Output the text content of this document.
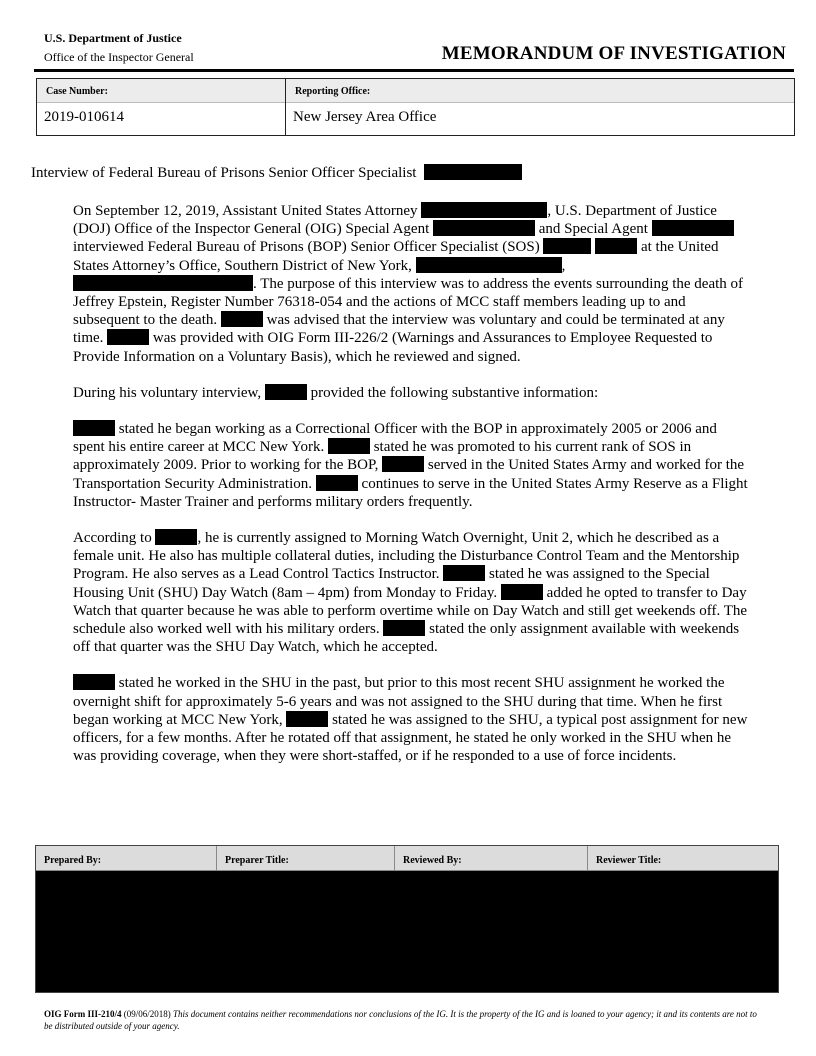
U.S. Department of Justice
Office of the Inspector General	MEMORANDUM OF INVESTIGATION
Case Number:
2019-010614
Reporting Office:
New Jersey Area Office
Interview of Federal Bureau of Prisons Senior Officer Specialist

On September 12, 2019, Assistant United States Attorney	, U.S. Department of Justice (DOJ) Office of the Inspector General (OIG) Special Agent	and Special Agent  interviewed Federal Bureau of Prisons (BOP) Senior Officer Specialist (SOS)	at the United States Attorney’s Office, Southern District of New York,	, . The purpose of this interview was to address the events surrounding the death of Jeffrey Epstein, Register Number 76318-054 and the actions of MCC staff members leading up to and subsequent to the death.	was advised that the interview was voluntary and could be terminated at any time.	was provided with OIG Form III-226/2 (Warnings and Assurances to Employee Requested to Provide Information on a Voluntary Basis), which he reviewed and signed.

During his voluntary interview,	provided the following substantive information:

stated he began working as a Correctional Officer with the BOP in approximately 2005 or 2006 and spent his entire career at MCC New York.	stated he was promoted to his current rank of SOS in approximately 2009. Prior to working for the BOP,	served in the United States Army and worked for the Transportation Security Administration.	continues to serve in the United States Army Reserve as a Flight Instructor- Master Trainer and performs military orders frequently.

According to	, he is currently assigned to Morning Watch Overnight, Unit 2, which he described as a female unit. He also has multiple collateral duties, including the Disturbance Control Team and the Mentorship Program. He also serves as a Lead Control Tactics Instructor.	stated he was assigned to the Special Housing Unit (SHU) Day Watch (8am – 4pm) from Monday to Friday.	added he opted to transfer to Day Watch that quarter because he was able to perform overtime while on Day Watch and still get weekends off. The schedule also worked well with his military orders.	stated the only assignment available with weekends off that quarter was the SHU Day Watch, which he accepted.

stated he worked in the SHU in the past, but prior to this most recent SHU assignment he worked the overnight shift for approximately 5-6 years and was not assigned to the SHU during that time. When he first began working at MCC New York,	stated he was assigned to the SHU, a typical post assignment for new officers, for a few months. After he rotated off that assignment, he stated he only worked in the SHU when he was providing coverage, when they were short-staffed, or if he responded to a use of force incidents.

Prepared By:	Preparer Title:	Reviewed By:	Reviewer Title:
OIG Form III-210/4 (09/06/2018) This document contains neither recommendations nor conclusions of the IG. It is the property of the IG and is loaned to your agency; it and its contents are not to be distributed outside of your agency.
